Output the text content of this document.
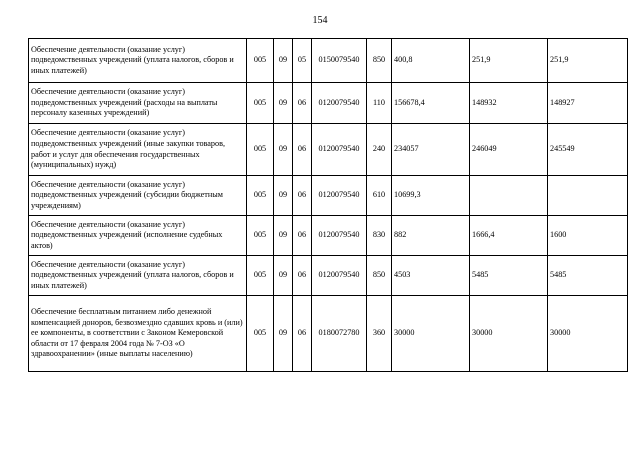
154
Обеспечение деятельности (оказание услуг) подведомственных учреждений (уплата налогов, сборов и иных платежей)	005	09	05	0150079540	850	400,8	251,9	251,9
Обеспечение деятельности (оказание услуг) подведомственных учреждений (расходы на выплаты персоналу казенных учреждений)	005	09	06	0120079540	110	156678,4	148932	148927
Обеспечение деятельности (оказание услуг) подведомственных учреждений (иные закупки товаров, работ и услуг для обеспечения государственных (муниципальных) нужд)	005	09	06	0120079540	240	234057	246049	245549
Обеспечение деятельности (оказание услуг) подведомственных учреждений (субсидии бюджетным учреждениям)	005	09	06	0120079540	610	10699,3		
Обеспечение деятельности (оказание услуг) подведомственных учреждений (исполнение судебных актов)	005	09	06	0120079540	830	882	1666,4	1600
Обеспечение деятельности (оказание услуг) подведомственных учреждений (уплата налогов, сборов и иных платежей)	005	09	06	0120079540	850	4503	5485	5485
Обеспечение бесплатным питанием либо денежной компенсацией доноров, безвозмездно сдавших кровь и (или) ее компоненты, в соответствии с Законом Кемеровской области от 17 февраля 2004 года № 7-ОЗ «О здравоохранении» (иные выплаты населению)	005	09	06	0180072780	360	30000	30000	30000
